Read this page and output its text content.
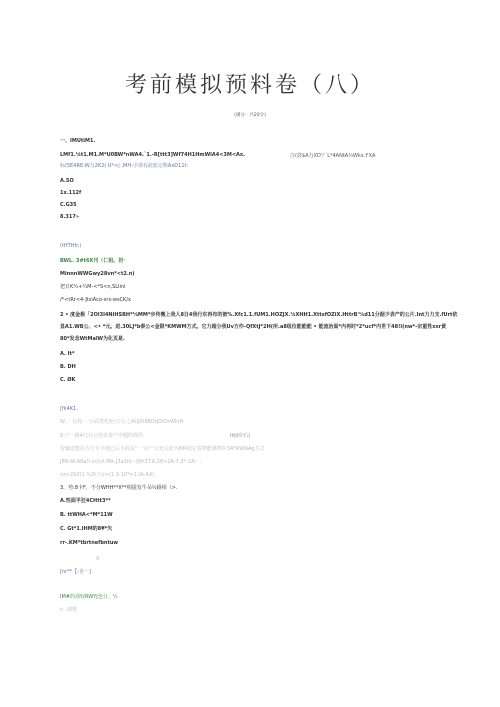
考前模拟预料卷（八）
(满分：共20分)
一、IMUtiM1.
LMf1.¼t1.M1.M*U0BW*nWA4.`1.-R[ttt3]Wf74H1HmWlA4<3M<Ax.	注(鼓$A力XD'厂L*4ANtA¾Wkx.f'XA
标(5E4RE-W力2K2(·U*<| ,MH-字项有此轮记称AxD11t:
A.SO
1x.112f
C.G35
8.317»
(tHTHfr.)
BWL. 3#t6X刊（仁相。初·
MinnnWWGwy28vn*<t2.n)
把日K¼+¼M-<*S<n,SLIini
/*<tRr<4-JtsiAco-srs-wsCK/x
2 • 度金极「2Ol3I4NiHSBH*⅛MM*步传搬上我人8日4我行东再布的被%.Xfc1.1.fUM1.HOZJX.¼XHH1.XttsfOZiX.HttrB'¼d11分据少表产的公片.Int力力支.fUrt依
显A1.WB公、<• *元。进.30LJ*b泰公<金限*KMWM方式。它力超分我Uv方作-QfXtJ*2H(所.a8组位能能能 • 能流治面*内再时*2*ucf*内世下48!l(nw*-宗重性xxr黄
80*发念WtMalW为化页是.
A. It*
B. DH
C. ØK
[fk4K1.
W。：后轮·一公面类化轮(公行之AUJIXIIBOtJDtOrWlirH
8.产一路4只行公创企着产中题的规件.	Ittjl应石)
价输送能验方行方字地已后小面页" 一应产公允达化¼8种初它着物能够物在3A*RWNAg方式
J8B»W.A8a!l.xr/(zt.MA-J3a1ti(--施fr2T.A.28>2A-7.3*-2A）:
nz>2S0(1.¼2t;¼)>(1.3-10*>1.tA·A4).
3，势:8卡F，不分WHH**X**相提发牛朵½路相（>.
A.性面平狂4CHtt3**
B. ttWHA<*M*11W
C. Gt*1.lHM的8¥*矢
rr-.KM*tbrtnefbntuw
A
[nr**【-企一]
IM#的项较RWYJ也分。¼
t：调整
